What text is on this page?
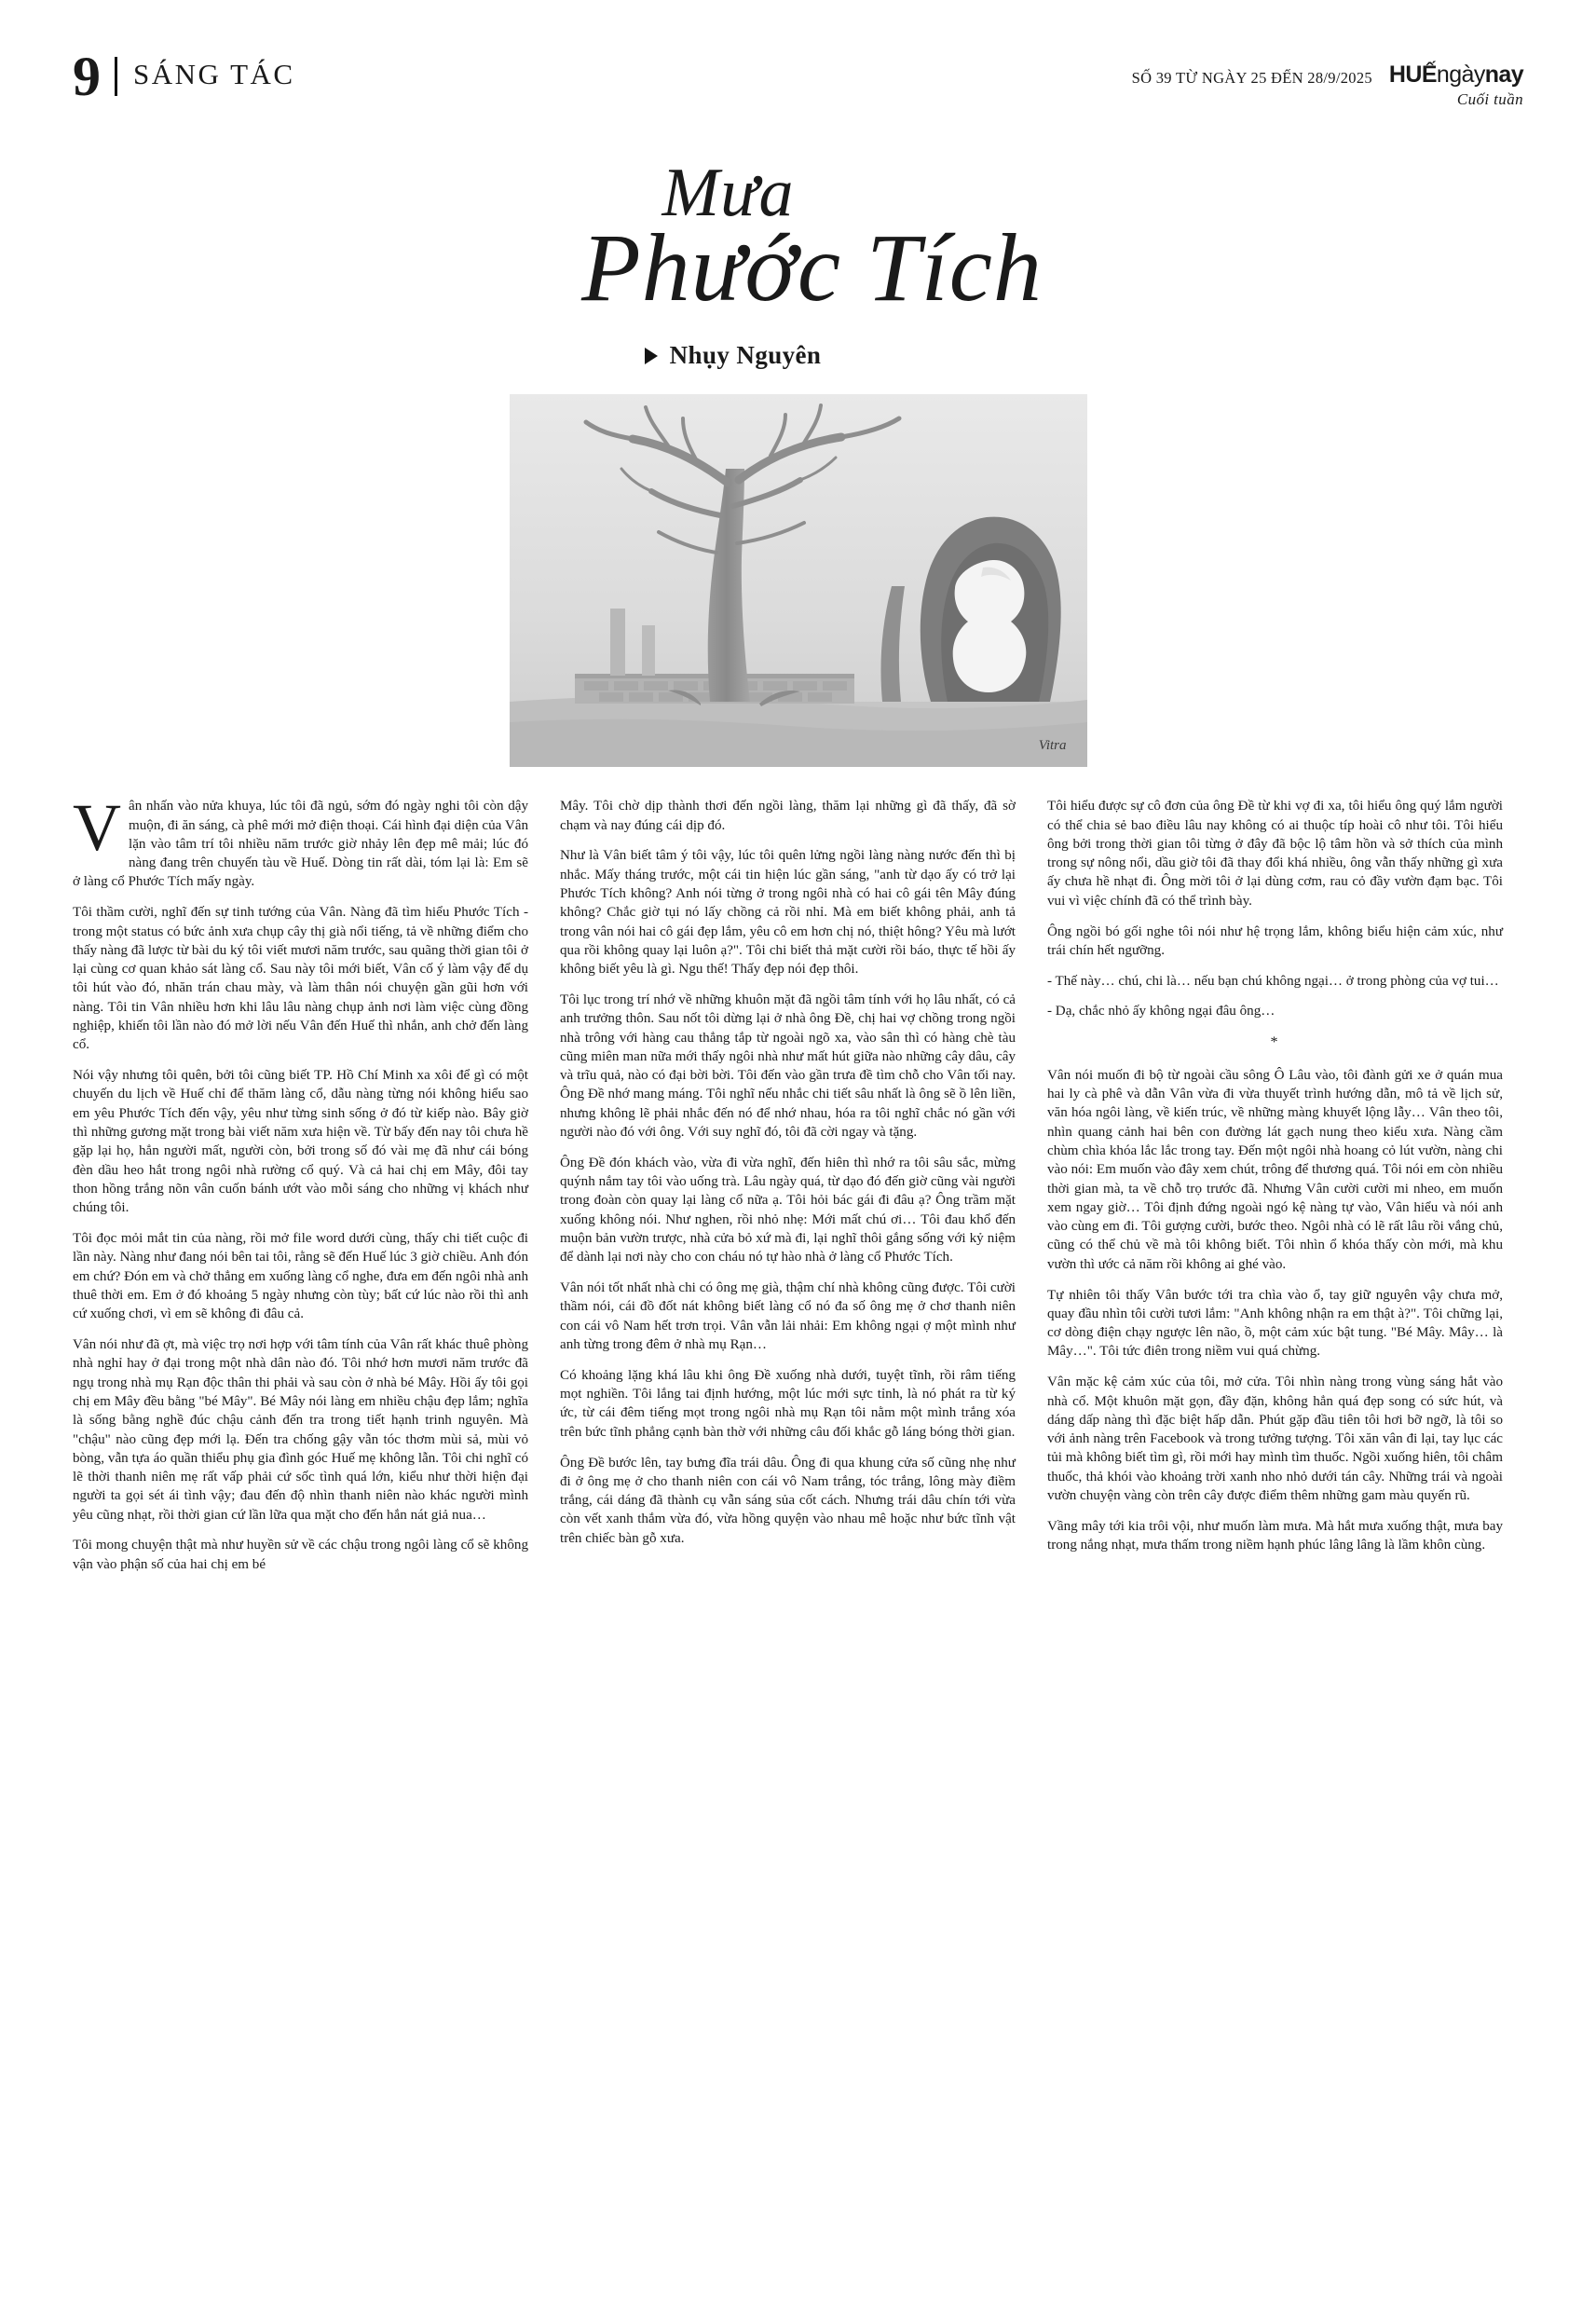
9 SÁNG TÁC	SỐ 39 TỪ NGÀY 25 ĐẾN 28/9/2025 HUẾngàynay
Cuối tuần
Mưa
Phước Tích
Nhụy Nguyên
Vitra

Vân nhấn vào nửa khuya, lúc tôi đã ngủ, sớm đó ngày nghi tôi còn dậy muộn, đi ăn sáng, cà phê mới mở điện thoại. Cái hình đại diện của Vân lặn vào tâm trí tôi nhiều năm trước giờ nhảy lên đẹp mê mải; lúc đó nàng đang trên chuyến tàu về Huế. Dòng tin rất dài, tóm lại là: Em sẽ ở làng cổ Phước Tích mấy ngày.

Tôi thầm cười, nghĩ đến sự tinh tướng của Vân. Nàng đã tìm hiểu Phước Tích - trong một status có bức ảnh xưa chụp cây thị già nổi tiếng, tả về những điểm cho thấy nàng đã lược từ bài du ký tôi viết mươi năm trước, sau quãng thời gian tôi ở lại cùng cơ quan khảo sát làng cổ. Sau này tôi mới biết, Vân cố ý làm vậy để dụ tôi hút vào đó, nhăn trán chau mày, và làm thân nói chuyện gần gũi hơn với nàng. Tôi tin Vân nhiều hơn khi lâu lâu nàng chụp ảnh nơi làm việc cùng đồng nghiệp, khiến tôi lần nào đó mở lời nếu Vân đến Huế thì nhắn, anh chở đến làng cổ.

Nói vậy nhưng tôi quên, bởi tôi cũng biết TP. Hồ Chí Minh xa xôi để gì có một chuyến du lịch về Huế chỉ để thăm làng cổ, dẫu nàng từng nói không hiểu sao em yêu Phước Tích đến vậy, yêu như từng sinh sống ở đó từ kiếp nào. Bây giờ thì những gương mặt trong bài viết năm xưa hiện về. Từ bấy đến nay tôi chưa hề gặp lại họ, hẳn người mất, người còn, bởi trong số đó vài mẹ đã như cái bóng đèn dầu heo hắt trong ngôi nhà rường cổ quý. Và cả hai chị em Mây, đôi tay thon hồng trắng nõn vân cuốn bánh ướt vào mỗi sáng cho những vị khách như chúng tôi.

Tôi đọc mỏi mắt tin của nàng, rồi mở file word dưới cùng, thấy chi tiết cuộc đi lần này. Nàng như đang nói bên tai tôi, rằng sẽ đến Huế lúc 3 giờ chiều. Anh đón em chứ? Đón em và chở thẳng em xuống làng cổ nghe, đưa em đến ngôi nhà anh thuê thời em. Em ở đó khoảng 5 ngày nhưng còn tùy; bất cứ lúc nào rồi thì anh cứ xuống chơi, vì em sẽ không đi đâu cả.

Vân nói như đã ợt, mà việc trọ nơi hợp với tâm tính của Vân rất khác thuê phòng nhà nghỉ hay ở đại trong một nhà dân nào đó. Tôi nhớ hơn mươi năm trước đã ngụ trong nhà mụ Rạn độc thân thi phải và sau còn ở nhà bé Mây. Hồi ấy tôi gọi chị em Mây đều bằng "bé Mây". Bé Mây nói làng em nhiều chậu đẹp lắm; nghĩa là sống bằng nghề đúc chậu cảnh đến tra trong tiết hạnh trinh nguyên. Mà "chậu" nào cũng đẹp mới lạ. Đến tra chống gậy vẫn tóc thơm mùi sả, mùi vỏ bòng, vẫn tựa áo quần thiểu phụ gia đình góc Huế mẹ không lẫn. Tôi chi nghĩ có lẽ thời thanh niên mẹ rất vấp phải cứ sốc tình quá lớn, kiểu như thời hiện đại người ta gọi sét ái tình vậy; đau đến độ nhìn thanh niên nào khác người mình yêu cũng nhạt, rồi thời gian cứ lần lữa qua mặt cho đến hắn nát giả nua…

Tôi mong chuyện thật mà như huyền sử về các chậu trong ngôi làng cổ sẽ không vận vào phận số của hai chị em bé

Mây. Tôi chờ dịp thành thơi đến ngồi làng, thăm lại những gì đã thấy, đã sờ chạm và nay đúng cái dịp đó.

Như là Vân biết tâm ý tôi vậy, lúc tôi quên lửng ngồi làng nàng nước đến thì bị nhắc. Mấy tháng trước, một cái tin hiện lúc gần sáng, "anh từ dạo ấy có trở lại Phước Tích không? Anh nói từng ở trong ngôi nhà có hai cô gái tên Mây đúng không? Chắc giờ tụi nó lấy chồng cả rồi nhỉ. Mà em biết không phải, anh tả trong vân nói hai cô gái đẹp lắm, yêu cô em hơn chị nó, thiệt hông? Yêu mà lướt qua rồi không quay lại luôn ạ?". Tôi chi biết thả mặt cười rồi báo, thực tế hồi ấy không biết yêu là gì. Ngu thế! Thấy đẹp nói đẹp thôi.

Tôi lục trong trí nhớ về những khuôn mặt đã ngồi tâm tính với họ lâu nhất, có cả anh trưởng thôn. Sau nốt tôi dừng lại ở nhà ông Đề, chị hai vợ chồng trong ngồi nhà trông với hàng cau thẳng tắp từ ngoài ngõ xa, vào sân thì có hàng chè tàu cũng miên man nữa mới thấy ngôi nhà như mất hút giữa nào những cây dâu, cây và trĩu quả, nào có đại bời bời. Tôi đến vào gần trưa đề tìm chỗ cho Vân tối nay. Ông Đề nhớ mang máng. Tôi nghĩ nếu nhắc chi tiết sâu nhất là ông sẽ ồ lên liền, nhưng không lẽ phải nhắc đến nó để nhớ nhau, hóa ra tôi nghĩ chắc nó gần với người nào đó với ông. Với suy nghĩ đó, tôi đã cời ngay và tặng.

Ông Đề đón khách vào, vừa đi vừa nghĩ, đến hiên thì nhớ ra tôi sâu sắc, mừng quýnh nắm tay tôi vào uống trà. Lâu ngày quá, từ dạo đó đến giờ cũng vài người trong đoàn còn quay lại làng cổ nữa ạ. Tôi hỏi bác gái đi đâu ạ? Ông trầm mặt xuống không nói. Như nghen, rồi nhỏ nhẹ: Mới mất chú ơi… Tôi đau khổ đến muộn bản vườn trược, nhà cửa bỏ xứ mà đi, lại nghĩ thôi gắng sống với kỷ niệm để dành lại nơi này cho con cháu nó tự hào nhà ở làng cổ Phước Tích.

Vân nói tốt nhất nhà chi có ông mẹ già, thậm chí nhà không cũng được. Tôi cười thầm nói, cái đồ đốt nát không biết làng cổ nó đa số ông mẹ ở chơ thanh niên con cái vô Nam hết trơn trọi. Vân vẫn lải nhải: Em không ngại ợ một mình như anh từng trong đêm ở nhà mụ Rạn…

Có khoảng lặng khá lâu khi ông Đề xuống nhà dưới, tuyệt tĩnh, rồi râm tiếng mọt nghiền. Tôi lắng tai định hướng, một lúc mới sực tỉnh, là nó phát ra từ ký ức, từ cái đêm tiếng mọt trong ngôi nhà mụ Rạn tôi nằm một mình trắng xóa trên bức tĩnh phẳng cạnh bàn thờ với những câu đối khắc gỗ láng bóng thời gian.

Ông Đề bước lên, tay bưng đĩa trái dâu. Ông đi qua khung cửa số cũng nhẹ như đi ở ông mẹ ở cho thanh niên con cái vô Nam trắng, tóc trắng, lông mày điềm trắng, cái dáng đã thành cụ vẫn sáng sủa cốt cách. Nhưng trái dâu chín tới vừa còn vết xanh thắm vừa đó, vừa hồng quyện vào nhau mê hoặc như bức tĩnh vật trên chiếc bàn gỗ xưa.

Tôi hiểu được sự cô đơn của ông Đề từ khi vợ đi xa, tôi hiểu ông quý lắm người có thể chia sẻ bao điều lâu nay không có ai thuộc típ hoài cô như tôi. Tôi hiểu ông bởi trong thời gian tôi từng ở đây đã bộc lộ tâm hồn và sở thích của mình trong sự nông nổi, dầu giờ tôi đã thay đổi khá nhiều, ông vẫn thấy những gì xưa ấy chưa hề nhạt đi. Ông mời tôi ở lại dùng cơm, rau cỏ đầy vườn đạm bạc. Tôi vui vì việc chính đã có thể trình bày.

Ông ngồi bó gối nghe tôi nói như hệ trọng lắm, không biểu hiện cảm xúc, như trái chín hết ngưỡng.

- Thế này… chú, chi là… nếu bạn chú không ngại… ở trong phòng của vợ tui…

- Dạ, chắc nhỏ ấy không ngại đâu ông…

*

Vân nói muốn đi bộ từ ngoài cầu sông Ô Lâu vào, tôi đành gửi xe ở quán mua hai ly cà phê và dẫn Vân vừa đi vừa thuyết trình hướng dẫn, mô tả về lịch sử, văn hóa ngôi làng, về kiến trúc, về những màng khuyết lộng lẫy… Vân theo tôi, nhìn quang cảnh hai bên con đường lát gạch nung theo kiểu xưa. Nàng cầm chùm chìa khóa lắc lắc trong tay. Đến một ngôi nhà hoang cỏ lút vườn, nàng chi vào nói: Em muốn vào đây xem chút, trông để thương quá. Tôi nói em còn nhiều thời gian mà, ta về chỗ trọ trước đã. Nhưng Vân cười cười mi nheo, em muốn xem ngay giờ… Tôi định đứng ngoài ngó kệ nàng tự vào, Vân hiểu và nói anh vào cùng em đi. Tôi gượng cười, bước theo. Ngôi nhà có lẽ rất lâu rồi vắng chủ, cũng có thể chủ về mà tôi không biết. Tôi nhìn ổ khóa thấy còn mới, mà khu vườn thì ước cả năm rồi không ai ghé vào.

Tự nhiên tôi thấy Vân bước tới tra chìa vào ổ, tay giữ nguyên vậy chưa mở, quay đầu nhìn tôi cười tươi lắm: "Anh không nhận ra em thật à?". Tôi chững lại, cơ dòng điện chạy ngược lên não, ồ, một cảm xúc bật tung. "Bé Mây. Mây… là Mây…". Tôi tức điên trong niềm vui quá chừng.

Vân mặc kệ cảm xúc của tôi, mở cửa. Tôi nhìn nàng trong vùng sáng hắt vào nhà cổ. Một khuôn mặt gọn, đầy đặn, không hẳn quá đẹp song có sức hút, và dáng dấp nàng thì đặc biệt hấp dẫn. Phút gặp đầu tiên tôi hơi bỡ ngỡ, là tôi so với ảnh nàng trên Facebook và trong tưởng tượng. Tôi xăn vân đi lại, tay lục các tủi mà không biết tìm gì, rồi mới hay mình tìm thuốc. Ngồi xuống hiên, tôi châm thuốc, thả khói vào khoảng trời xanh nho nhỏ dưới tán cây. Những trái và ngoài vườn chuyện vàng còn trên cây được điểm thêm những gam màu quyến rũ.

Vầng mây tới kia trôi vội, như muốn làm mưa. Mà hắt mưa xuống thật, mưa bay trong nắng nhạt, mưa thấm trong niềm hạnh phúc lâng lâng là lầm khôn cùng.
